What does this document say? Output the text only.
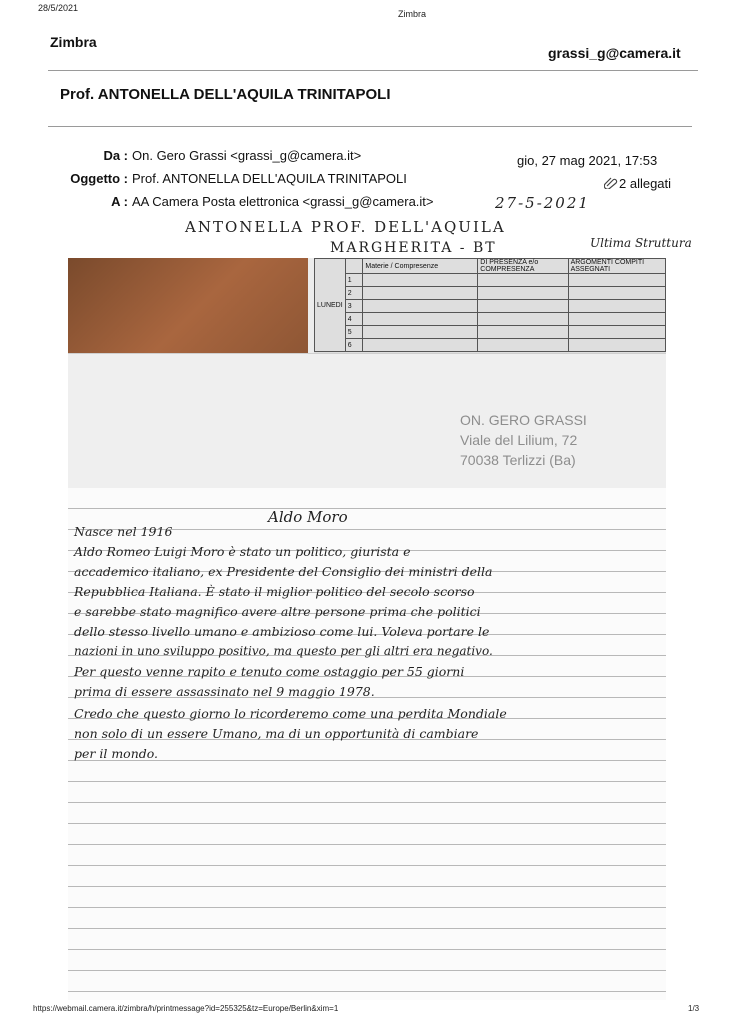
28/5/2021
Zimbra
Zimbra
grassi_g@camera.it
Prof. ANTONELLA DELL'AQUILA TRINITAPOLI
Da : On. Gero Grassi <grassi_g@camera.it>
Oggetto : Prof. ANTONELLA DELL'AQUILA TRINITAPOLI
A : AA Camera Posta elettronica <grassi_g@camera.it>
gio, 27 mag 2021, 17:53
2 allegati
27-5-2021
ANTONELLA PROF. DELL'AQUILA
MARGHERITA - BT	Ultima Struttura
LUNEDI		Materie / Compresenze	DI PRESENZA e/o COMPRESENZA	ARGOMENTI COMPITI ASSEGNATI
	1			
	2			
	3			
	4			
	5			
	6			
ON. GERO GRASSI
Viale del Lilium, 72
70038 Terlizzi (Ba)
Aldo Moro
Nasce nel 1916
Aldo Romeo Luigi Moro è stato un politico, giurista e
accademico italiano, ex Presidente del Consiglio dei ministri della
Repubblica Italiana. È stato il miglior politico del secolo scorso
e sarebbe stato magnifico avere altre persone prima che politici
dello stesso livello umano e ambizioso come lui. Voleva portare le
nazioni in uno sviluppo positivo, ma questo per gli altri era negativo.
Per questo venne rapito e tenuto come ostaggio per 55 giorni
prima di essere assassinato nel 9 maggio 1978.
Credo che questo giorno lo ricorderemo come una perdita Mondiale
non solo di un essere Umano, ma di un opportunità di cambiare
per il mondo.
https://webmail.camera.it/zimbra/h/printmessage?id=255325&tz=Europe/Berlin&xim=1	1/3
